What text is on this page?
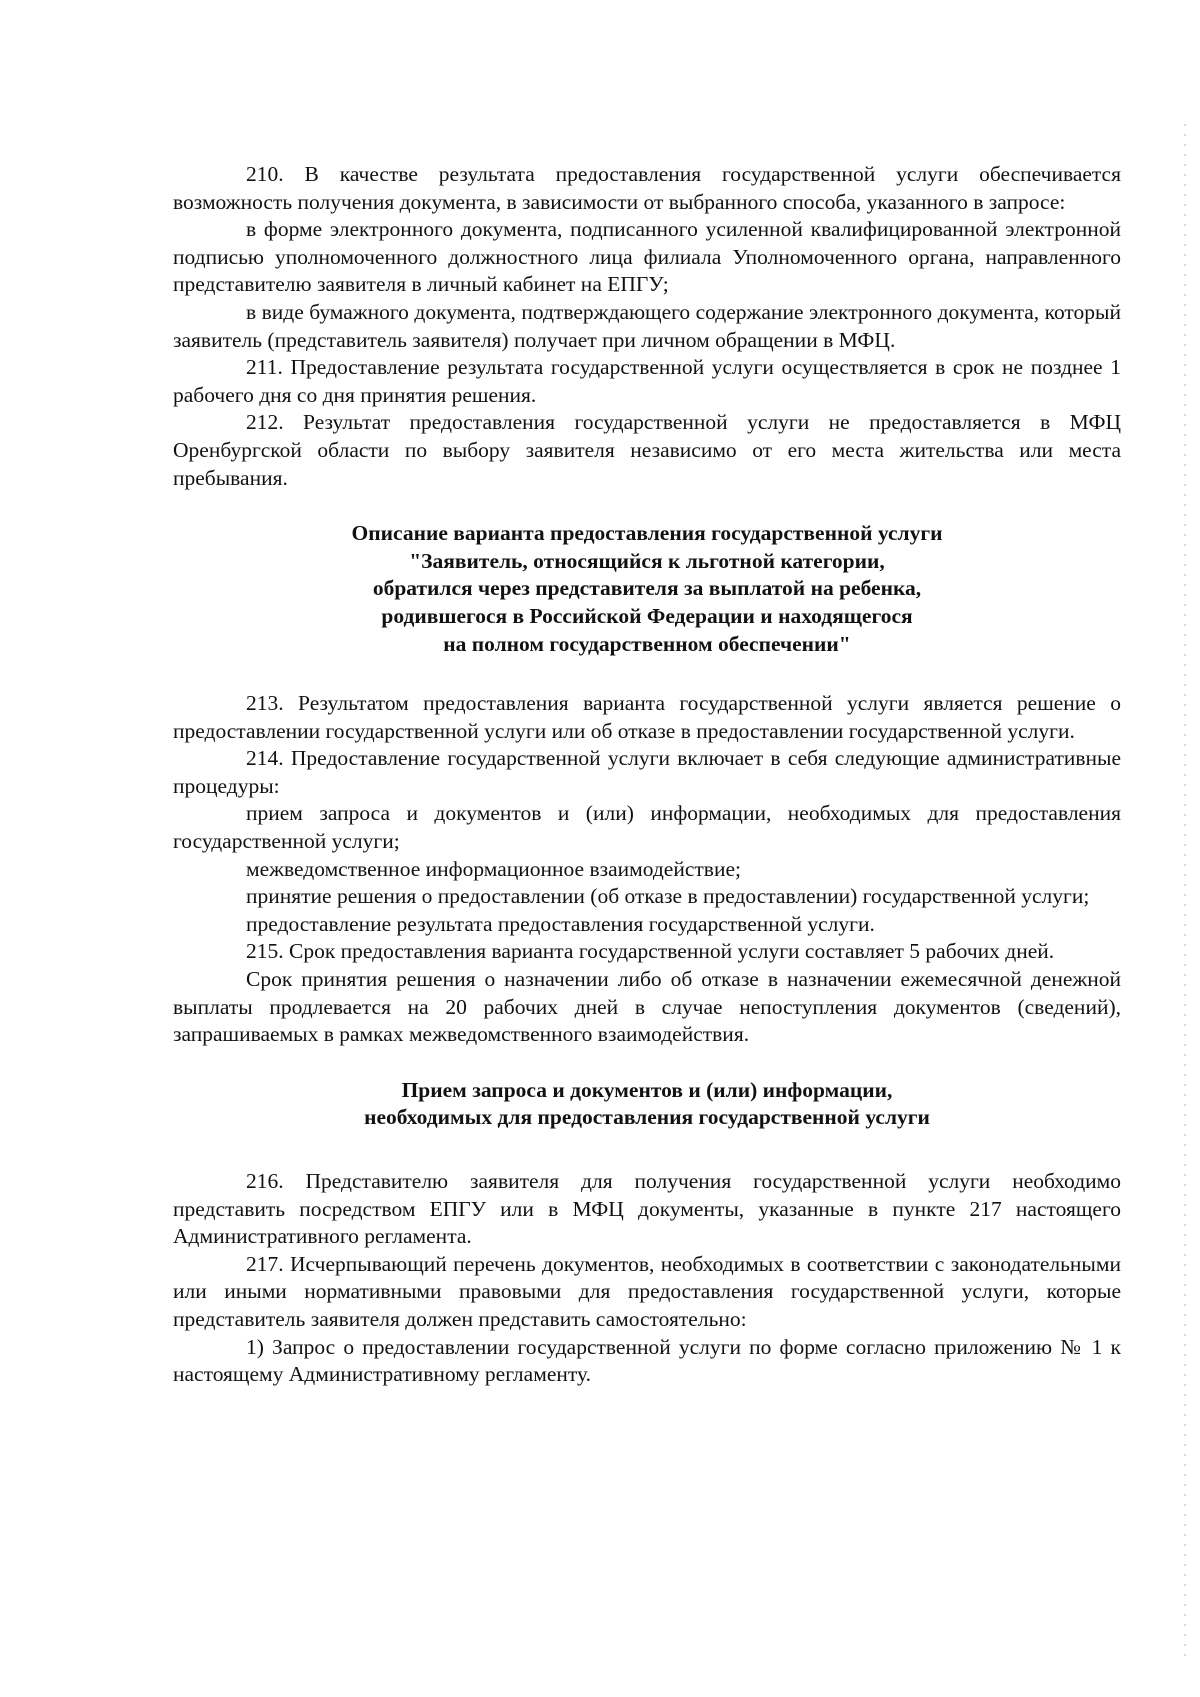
210. В качестве результата предоставления государственной услуги обеспечивается возможность получения документа, в зависимости от выбранного способа, указанного в запросе:

в форме электронного документа, подписанного усиленной квалифицированной электронной подписью уполномоченного должностного лица филиала Уполномоченного органа, направленного представителю заявителя в личный кабинет на ЕПГУ;

в виде бумажного документа, подтверждающего содержание электронного документа, который заявитель (представитель заявителя) получает при личном обращении в МФЦ.

211. Предоставление результата государственной услуги осуществляется в срок не позднее 1 рабочего дня со дня принятия решения.

212. Результат предоставления государственной услуги не предоставляется в МФЦ Оренбургской области по выбору заявителя независимо от его места жительства или места пребывания.

Описание варианта предоставления государственной услуги
"Заявитель, относящийся к льготной категории,
обратился через представителя за выплатой на ребенка,
родившегося в Российской Федерации и находящегося
на полном государственном обеспечении"

213. Результатом предоставления варианта государственной услуги является решение о предоставлении государственной услуги или об отказе в предоставлении государственной услуги.

214. Предоставление государственной услуги включает в себя следующие административные процедуры:

прием запроса и документов и (или) информации, необходимых для предоставления государственной услуги;

межведомственное информационное взаимодействие;

принятие решения о предоставлении (об отказе в предоставлении) государственной услуги;

предоставление результата предоставления государственной услуги.

215. Срок предоставления варианта государственной услуги составляет 5 рабочих дней.

Срок принятия решения о назначении либо об отказе в назначении ежемесячной денежной выплаты продлевается на 20 рабочих дней в случае непоступления документов (сведений), запрашиваемых в рамках межведомственного взаимодействия.

Прием запроса и документов и (или) информации,
необходимых для предоставления государственной услуги

216. Представителю заявителя для получения государственной услуги необходимо представить посредством ЕПГУ или в МФЦ документы, указанные в пункте 217 настоящего Административного регламента.

217. Исчерпывающий перечень документов, необходимых в соответствии с законодательными или иными нормативными правовыми для предоставления государственной услуги, которые представитель заявителя должен представить самостоятельно:

1) Запрос о предоставлении государственной услуги по форме согласно приложению № 1 к настоящему Административному регламенту.
